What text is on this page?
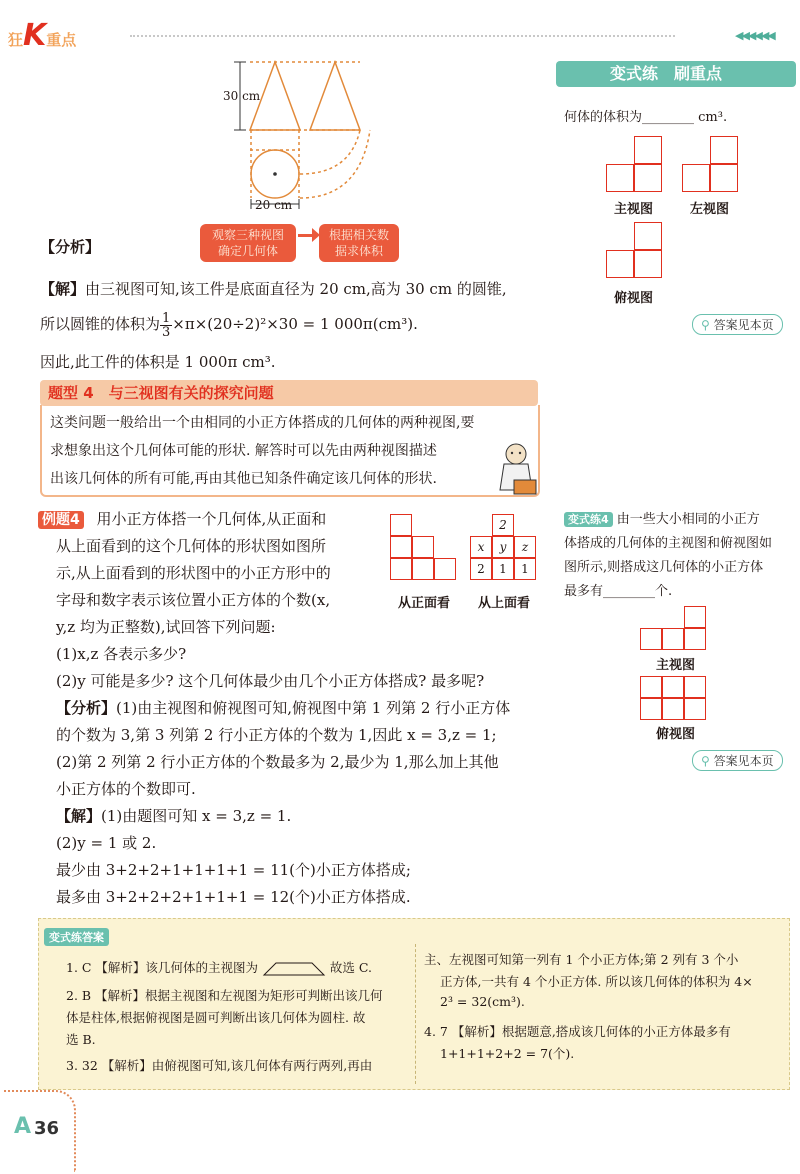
狂K重点	◀◀◀◀◀◀
30 cm
20 cm
【分析】
观察三种视图
确定几何体
根据相关数
据求体积
【解】由三视图可知,该工件是底面直径为 20 cm,高为 30 cm 的圆锥,
所以圆锥的体积为 $\frac{1}{3} \times\pi\times(20\div 2)^2\times 30 = 1$ 000π(cm³).
因此,此工件的体积是 1 000π cm³.
题型 4　与三视图有关的探究问题
这类问题一般给出一个由相同的小正方体搭成的几何体的两种视图,要
求想象出这个几何体可能的形状. 解答时可以先由两种视图描述
出该几何体的所有可能,再由其他已知条件确定该几何体的形状.
例题4 用小正方体搭一个几何体,从正面和
从上面看到的这个几何体的形状图如图所
示,从上面看到的形状图中的小正方形中的
字母和数字表示该位置小正方体的个数(x,
y,z 均为正整数),试回答下列问题:
(1)x,z 各表示多少?
(2)y 可能是多少? 这个几何体最少由几个小正方体搭成? 最多呢?
从正面看
2
x	y	z
2	1	1
从上面看
【分析】(1)由主视图和俯视图可知,俯视图中第 1 列第 2 行小正方体
的个数为 3,第 3 列第 2 行小正方体的个数为 1,因此 x = 3,z = 1;
(2)第 2 列第 2 行小正方体的个数最多为 2,最少为 1,那么加上其他
小正方体的个数即可.
【解】(1)由题图可知 x = 3,z = 1.
(2)y = 1 或 2.
最少由 3+2+2+1+1+1+1 = 11(个)小正方体搭成;
最多由 3+2+2+2+1+1+1 = 12(个)小正方体搭成.
变式练　刷重点
何体的体积为________ cm³.
主视图	左视图
俯视图
⚲ 答案见本页
变式练4 由一些大小相同的小正方
体搭成的几何体的主视图和俯视图如
图所示,则搭成这几何体的小正方体
最多有________个.
主视图
俯视图
⚲ 答案见本页
变式练答案
1. C 【解析】该几何体的主视图为	故选 C.
2. B 【解析】根据主视图和左视图为矩形可判断出该几何
体是柱体,根据俯视图是圆可判断出该几何体为圆柱. 故
选 B.
3. 32 【解析】由俯视图可知,该几何体有两行两列,再由
主、左视图可知第一列有 1 个小正方体;第 2 列有 3 个小
正方体,一共有 4 个小正方体. 所以该几何体的体积为 4×
2³ = 32(cm³).
4. 7 【解析】根据题意,搭成该几何体的小正方体最多有
1+1+1+2+2 = 7(个).
A 36
